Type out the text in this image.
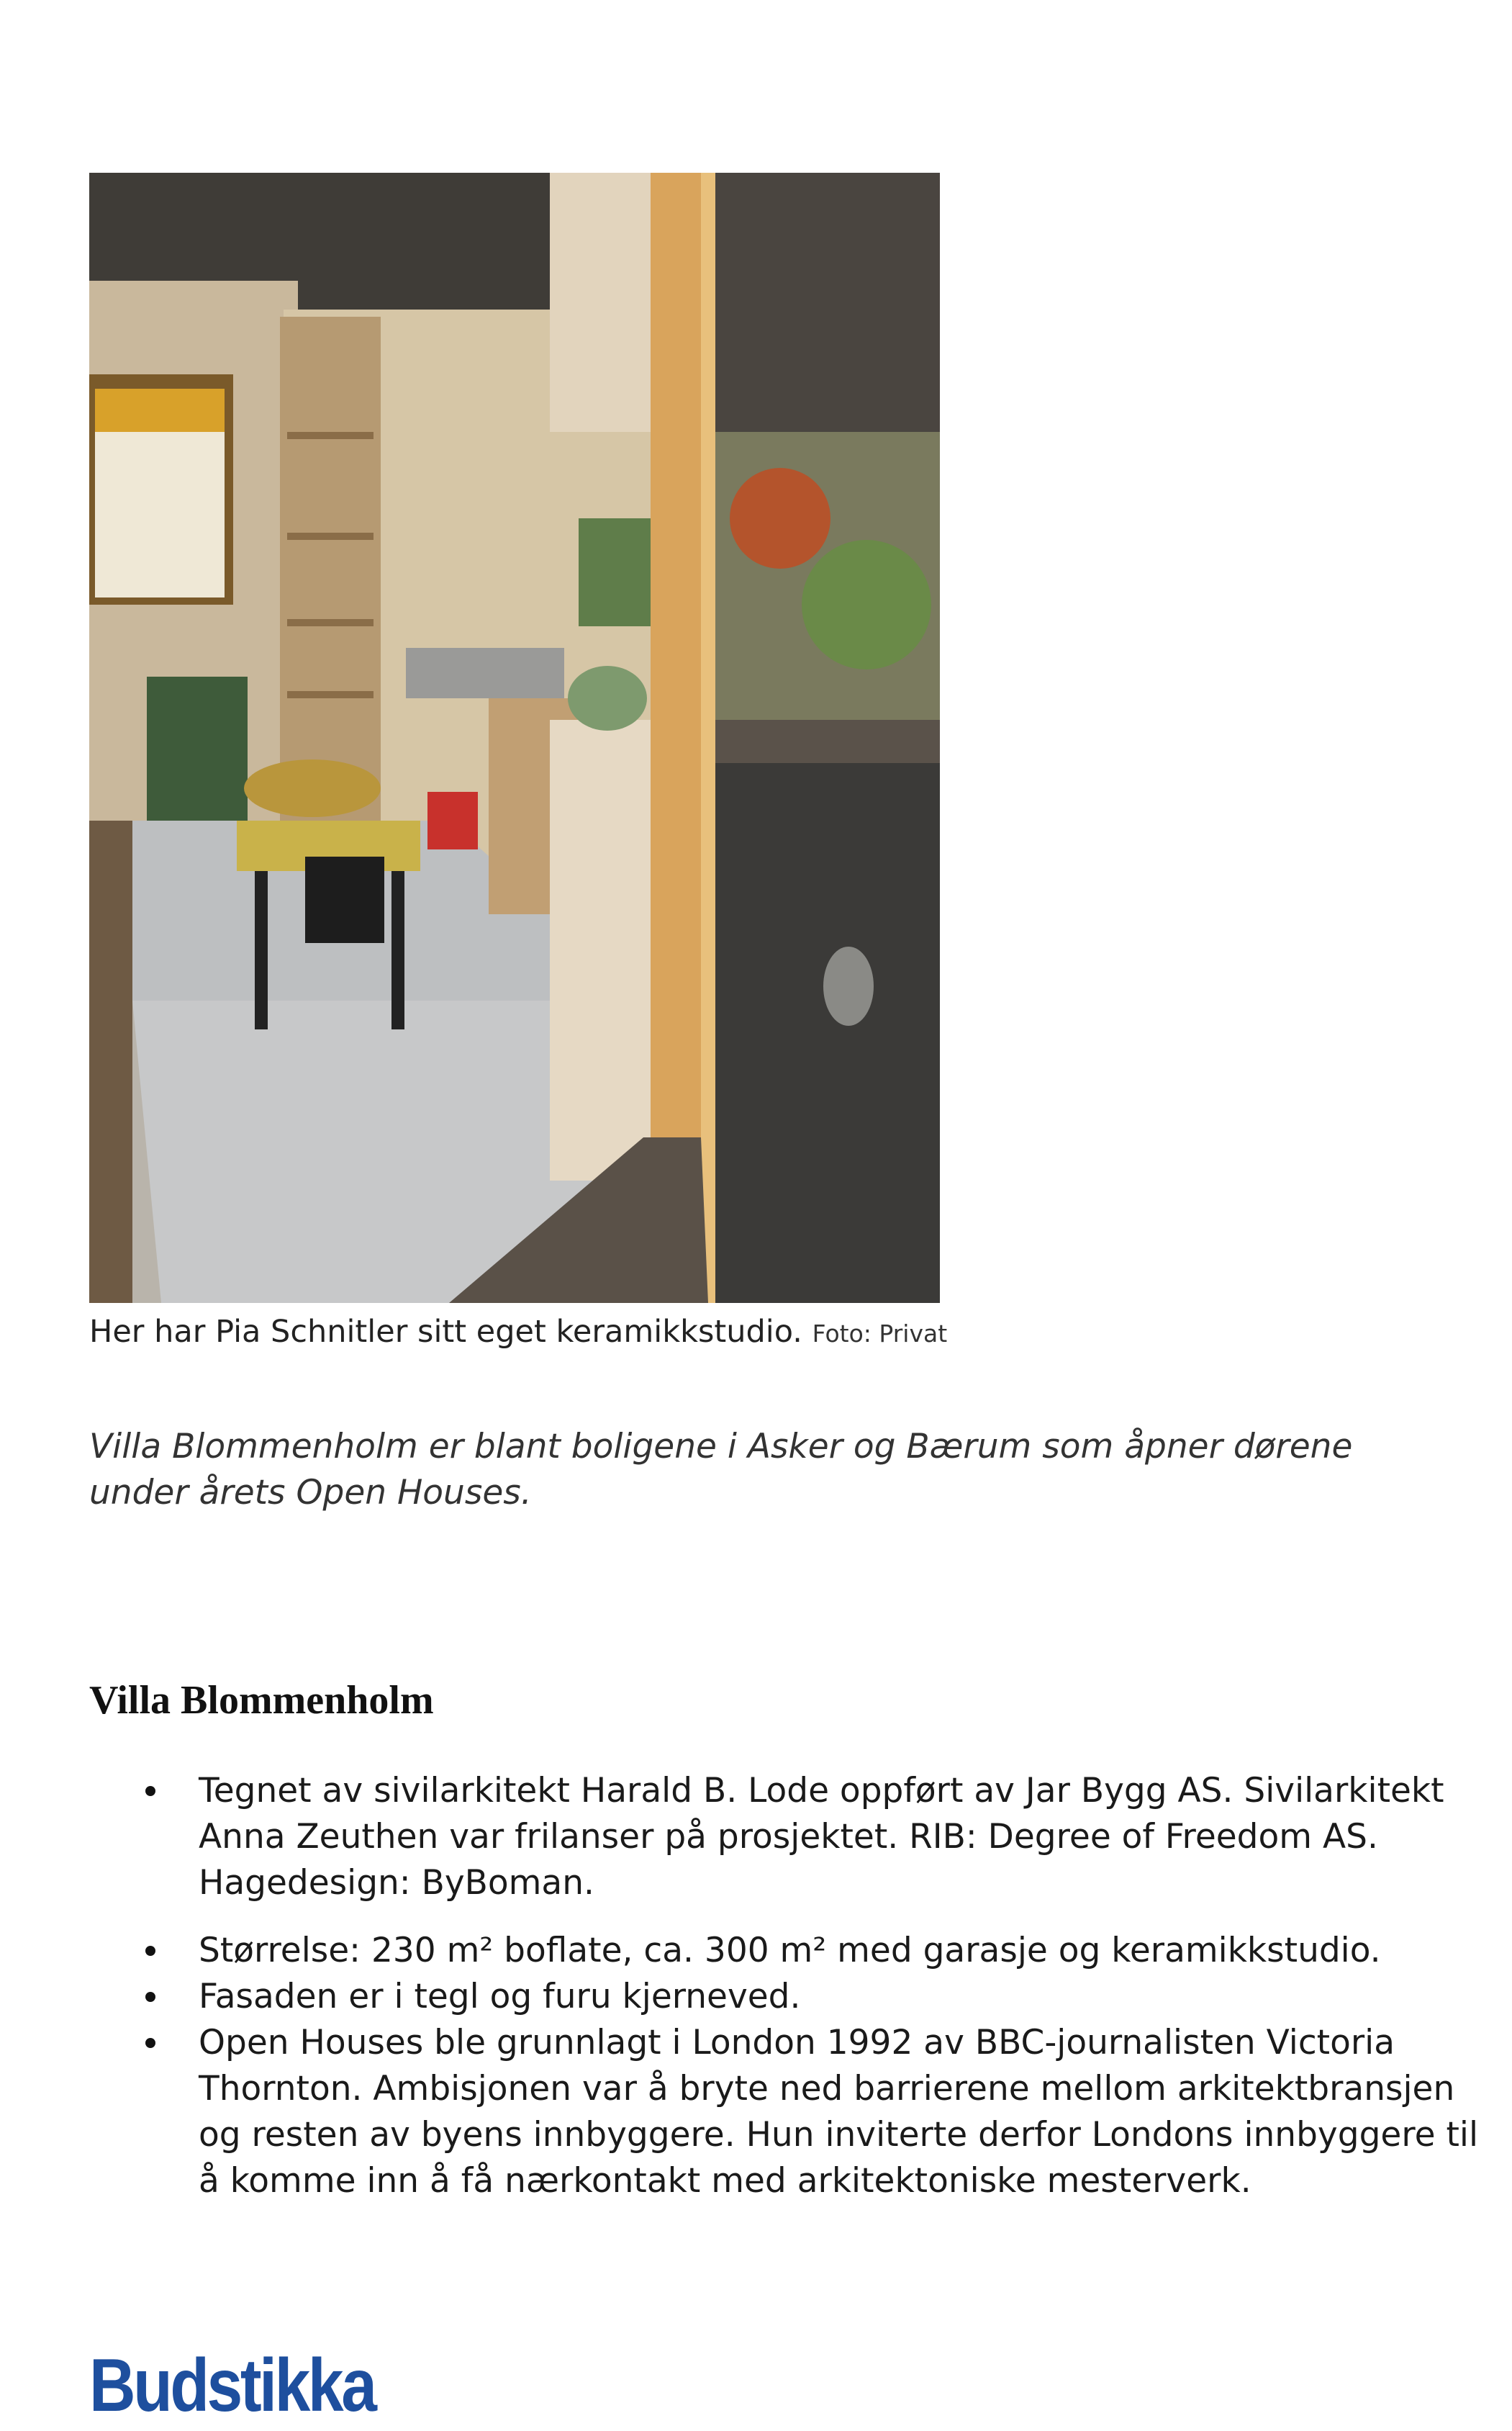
Her har Pia Schnitler sitt eget keramikkstudio. Foto: Privat
Villa Blommenholm er blant boligene i Asker og Bærum som åpner dørene under årets Open Houses.
Villa Blommenholm
Tegnet av sivilarkitekt Harald B. Lode oppført av Jar Bygg AS. Sivilarkitekt Anna Zeuthen var frilanser på prosjektet. RIB: Degree of Freedom AS. Hagedesign: ByBoman.
Størrelse: 230 m² boflate, ca. 300 m² med garasje og keramikkstudio.
Fasaden er i tegl og furu kjerneved.
Open Houses ble grunnlagt i London 1992 av BBC-journalisten Victoria Thornton. Ambisjonen var å bryte ned barrierene mellom arkitektbransjen og resten av byens innbyggere. Hun inviterte derfor Londons innbyggere til å komme inn å få nærkontakt med arkitektoniske mesterverk.
Budstikka
